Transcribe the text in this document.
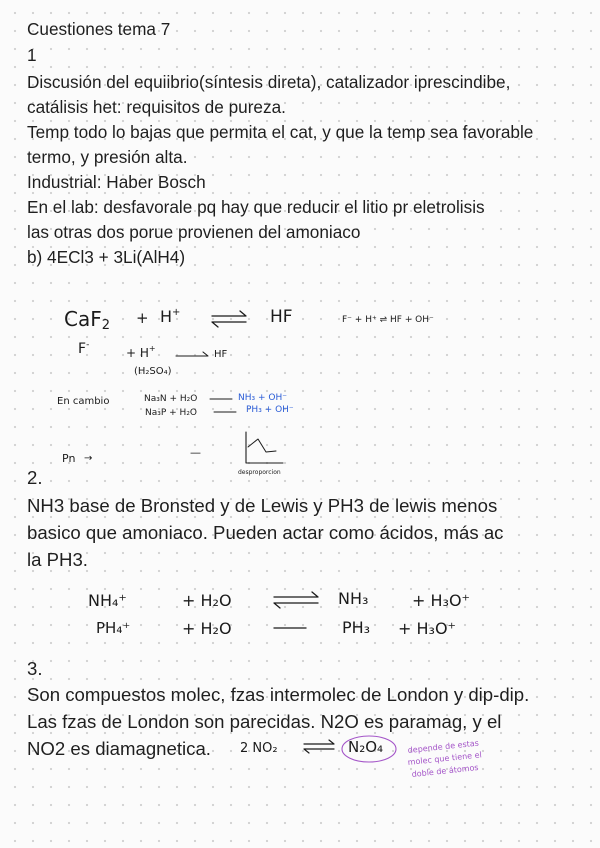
Cuestiones tema 7

1

Discusión del equiibrio(síntesis direta), catalizador iprescindibe,

catálisis het: requisitos de pureza.

Temp todo lo bajas que permita el cat, y que la temp sea favorable

termo, y presión alta.

Industrial: Haber Bosch

En el lab: desfavorale pq hay que reducir el litio pr eletrolisis

las otras dos porue provienen del amoniaco

b) 4ECl3 + 3Li(AlH4)

2.

NH3 base de Bronsted y de Lewis y PH3 de lewis menos

basico que amoniaco. Pueden actar como ácidos, más ac

la PH3.

3.

Son compuestos molec, fzas intermolec de London y dip-dip.

Las fzas de London son parecidas. N2O es paramag, y el

NO2 es diamagnetica.

CaF2 + H+	HF	F⁻ + H⁺ ⇌ HF + OH⁻
F-
+ H+
HF
(H₂SO₄)
En cambio	Na₃N + H₂O
Na₃P + H₂O
NH₃ + OH⁻
PH₃ + OH⁻
Pn →	—
desproporcion
NH₄⁺	+ H₂O	NH₃	+ H₃O⁺
PH₄⁺	+ H₂O	PH₃ + H₃O⁺
2 NO₂	N₂O₄	depende de estas
molec que tiene el
doble de átomos
